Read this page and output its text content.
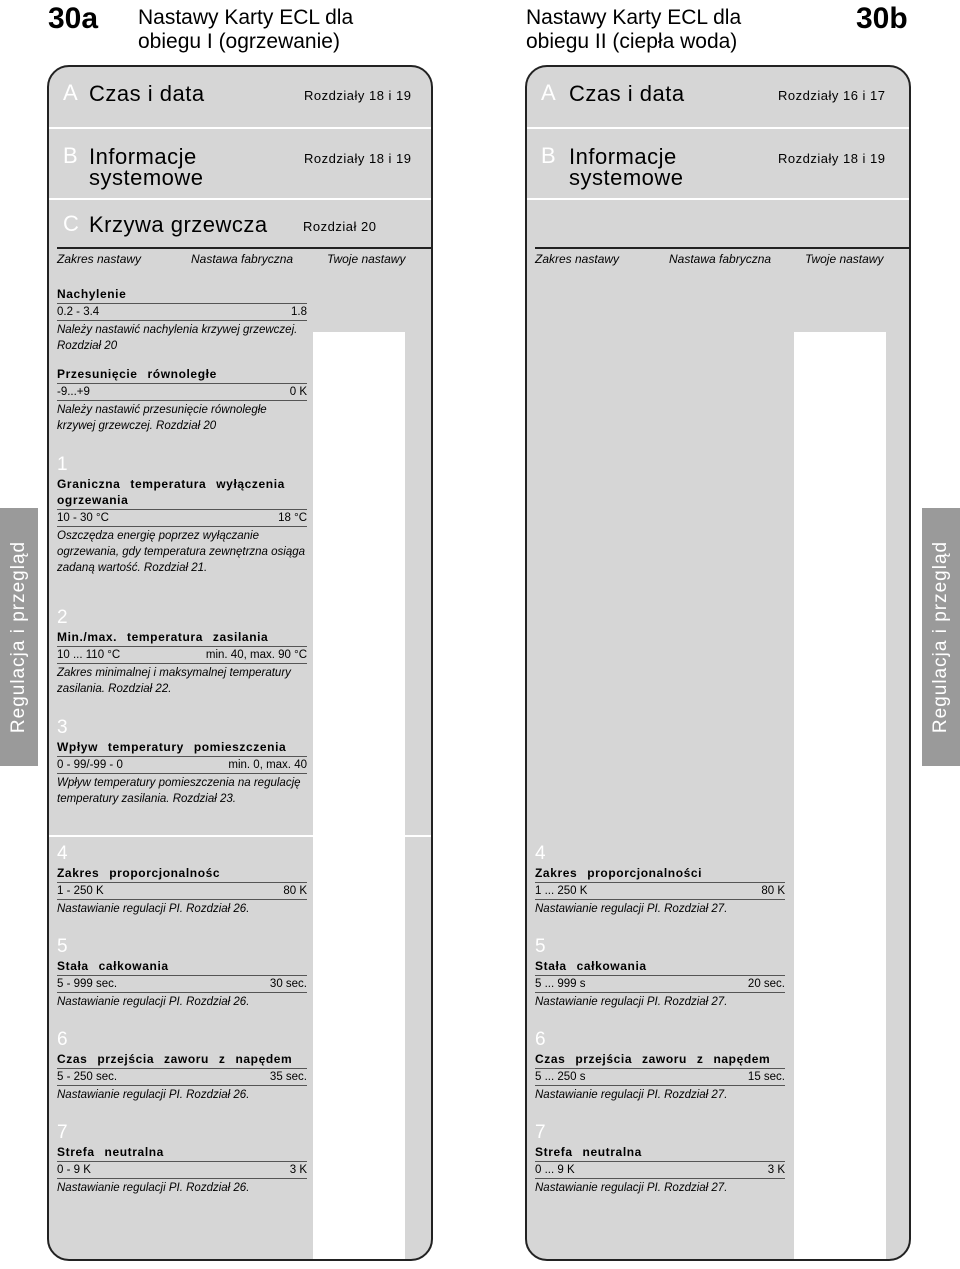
30a Nastawy Karty ECL dla
obiegu I (ogrzewanie)
Nastawy Karty ECL dla
obiegu II (ciepła woda)
30b
A Czas i data	Rozdziały 18 i 19
B Informacje
systemowe
Rozdziały 18 i 19
C Krzywa grzewcza	Rozdział 20
Zakres nastawy	Nastawa fabryczna	Twoje nastawy
Nachylenie
0.2 - 3.4	1.8
Należy nastawić nachylenia krzywej grzewczej. Rozdział 20
Przesunięcie równoległe
-9...+9	0 K
Należy nastawić przesunięcie równoległe krzywej grzewczej. Rozdział 20
1
Graniczna temperatura wyłączenia ogrzewania
10 - 30 °C	18 °C
Oszczędza energię poprzez wyłączanie ogrzewania, gdy temperatura zewnętrzna osiąga zadaną wartość. Rozdział 21.
2
Min./max. temperatura zasilania
10 ... 110 °C	min. 40, max. 90 °C
Zakres minimalnej i maksymalnej temperatury zasilania. Rozdział 22.
3
Wpływ temperatury pomieszczenia
0 - 99/-99 - 0	min. 0, max. 40
Wpływ temperatury pomieszczenia na regulację temperatury zasilania. Rozdział 23.
4
Zakres proporcjonalnośc
1 - 250 K	80 K
Nastawianie regulacji PI. Rozdział 26.
5
Stała całkowania
5 - 999 sec.	30 sec.
Nastawianie regulacji PI. Rozdział 26.
6
Czas przejścia zaworu z napędem
5 - 250 sec.	35 sec.
Nastawianie regulacji PI. Rozdział 26.
7
Strefa neutralna
0 - 9 K	3 K
Nastawianie regulacji PI. Rozdział 26.
A Czas i data	Rozdziały 16 i 17
B Informacje
systemowe
Rozdziały 18 i 19
Zakres nastawy	Nastawa fabryczna	Twoje nastawy
4
Zakres proporcjonalności
1 ... 250 K	80 K
Nastawianie regulacji PI. Rozdział 27.
5
Stała całkowania
5 ... 999 s	20 sec.
Nastawianie regulacji PI. Rozdział 27.
6
Czas przejścia zaworu z napędem
5 ... 250 s	15 sec.
Nastawianie regulacji PI. Rozdział 27.
7
Strefa neutralna
0 ... 9 K	3 K
Nastawianie regulacji PI. Rozdział 27.
Regulacja i przegląd	Regulacja i przegląd
